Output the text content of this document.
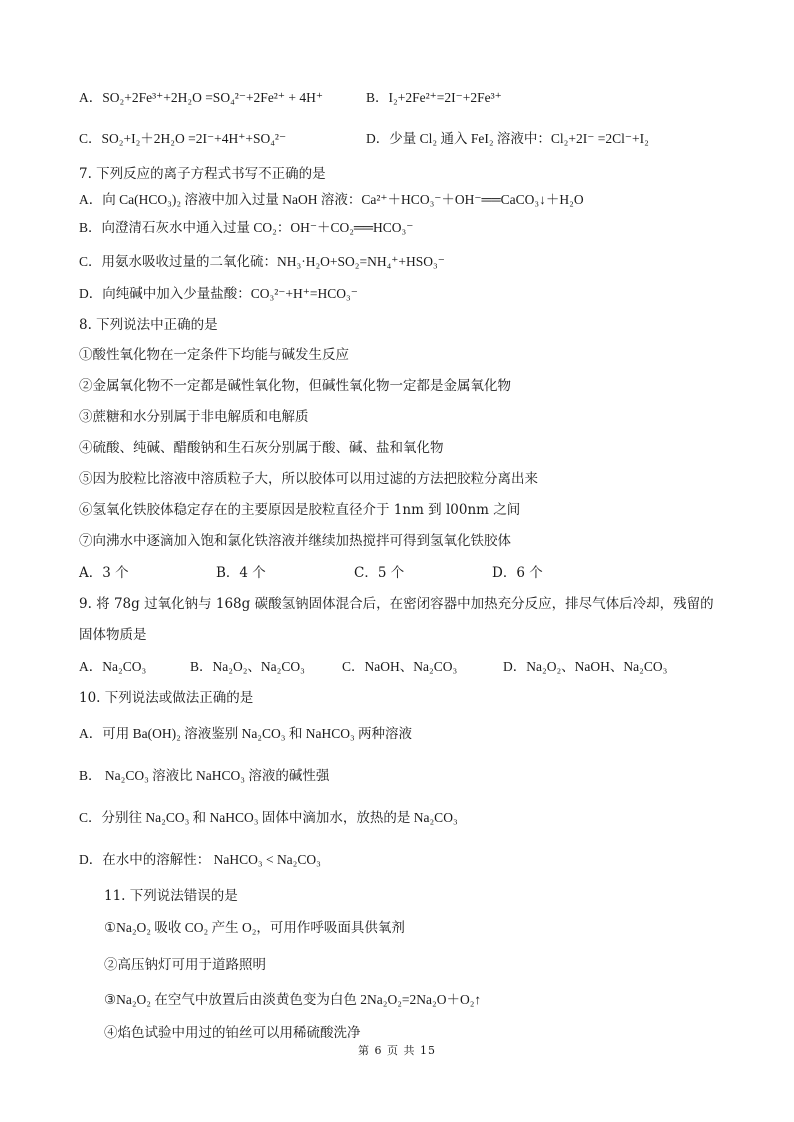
A．SO₂+2Fe³⁺+2H₂O =SO₄²⁻+2Fe²⁺ + 4H⁺	B．I₂+2Fe²⁺=2I⁻+2Fe³⁺
C．SO₂+I₂＋2H₂O =2I⁻+4H⁺+SO₄²⁻	D．少量 Cl₂ 通入 FeI₂ 溶液中：Cl₂+2I⁻ =2Cl⁻+I₂
7. 下列反应的离子方程式书写不正确的是
A．向 Ca(HCO₃)₂ 溶液中加入过量 NaOH 溶液：Ca²⁺＋HCO₃⁻＋OH⁻══CaCO₃↓＋H₂O
B．向澄清石灰水中通入过量 CO₂：OH⁻＋CO₂══HCO₃⁻
C．用氨水吸收过量的二氧化硫：NH₃·H₂O+SO₂=NH₄⁺+HSO₃⁻
D．向纯碱中加入少量盐酸：CO₃²⁻+H⁺=HCO₃⁻
8. 下列说法中正确的是
①酸性氧化物在一定条件下均能与碱发生反应
②金属氧化物不一定都是碱性氧化物，但碱性氧化物一定都是金属氧化物
③蔗糖和水分别属于非电解质和电解质
④硫酸、纯碱、醋酸钠和生石灰分别属于酸、碱、盐和氧化物
⑤因为胶粒比溶液中溶质粒子大，所以胶体可以用过滤的方法把胶粒分离出来
⑥氢氧化铁胶体稳定存在的主要原因是胶粒直径介于 1nm 到 l00nm 之间
⑦向沸水中逐滴加入饱和氯化铁溶液并继续加热搅拌可得到氢氧化铁胶体
A．3 个	B．4 个	C．5 个	D．6 个
9. 将 78g 过氧化钠与 168g 碳酸氢钠固体混合后，在密闭容器中加热充分反应，排尽气体后冷却，残留的
固体物质是
A．Na₂CO₃	B．Na₂O₂、Na₂CO₃	C．NaOH、Na₂CO₃	D．Na₂O₂、NaOH、Na₂CO₃
10. 下列说法或做法正确的是
A．可用 Ba(OH)₂ 溶液鉴别 Na₂CO₃ 和 NaHCO₃ 两种溶液
B． Na₂CO₃ 溶液比 NaHCO₃ 溶液的碱性强
C．分别往 Na₂CO₃ 和 NaHCO₃ 固体中滴加水，放热的是 Na₂CO₃
D．在水中的溶解性： NaHCO₃ < Na₂CO₃
11. 下列说法错误的是
①Na₂O₂ 吸收 CO₂ 产生 O₂，可用作呼吸面具供氧剂
②高压钠灯可用于道路照明
③Na₂O₂ 在空气中放置后由淡黄色变为白色 2Na₂O₂=2Na₂O＋O₂↑
④焰色试验中用过的铂丝可以用稀硫酸洗净
第 6 页 共 15
